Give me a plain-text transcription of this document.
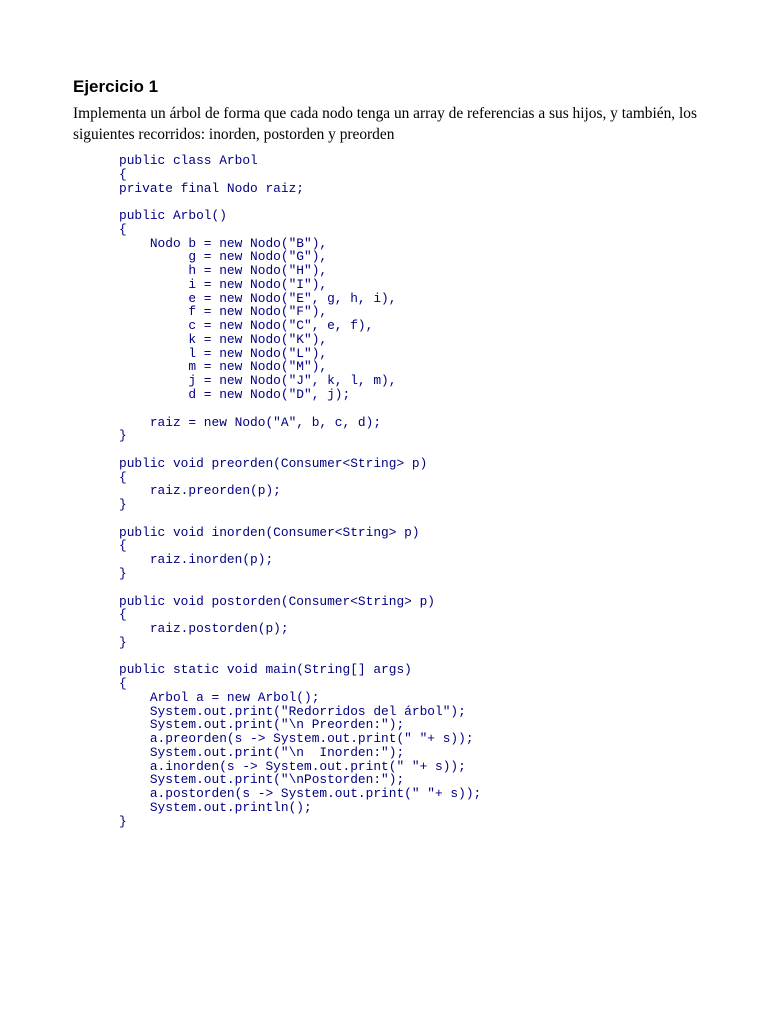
Ejercicio 1

Implementa un árbol de forma que cada nodo tenga un array de referencias a sus hijos, y también, los siguientes recorridos: inorden, postorden y preorden

public class Arbol
{
private final Nodo raiz;
public Arbol()
{
Nodo b = new Nodo("B"),
g = new Nodo("G"),
h = new Nodo("H"),
i = new Nodo("I"),
e = new Nodo("E", g, h, i),
f = new Nodo("F"),
c = new Nodo("C", e, f),
k = new Nodo("K"),
l = new Nodo("L"),
m = new Nodo("M"),
j = new Nodo("J", k, l, m),
d = new Nodo("D", j);
raiz = new Nodo("A", b, c, d);
}
public void preorden(Consumer<String> p)
{
raiz.preorden(p);
}
public void inorden(Consumer<String> p)
{
raiz.inorden(p);
}
public void postorden(Consumer<String> p)
{
raiz.postorden(p);
}
public static void main(String[] args)
{
Arbol a = new Arbol();
System.out.print("Redorridos del árbol");
System.out.print("\n Preorden:");
a.preorden(s -> System.out.print(" "+ s));
System.out.print("\n  Inorden:");
a.inorden(s -> System.out.print(" "+ s));
System.out.print("\nPostorden:");
a.postorden(s -> System.out.print(" "+ s));
System.out.println();
}
